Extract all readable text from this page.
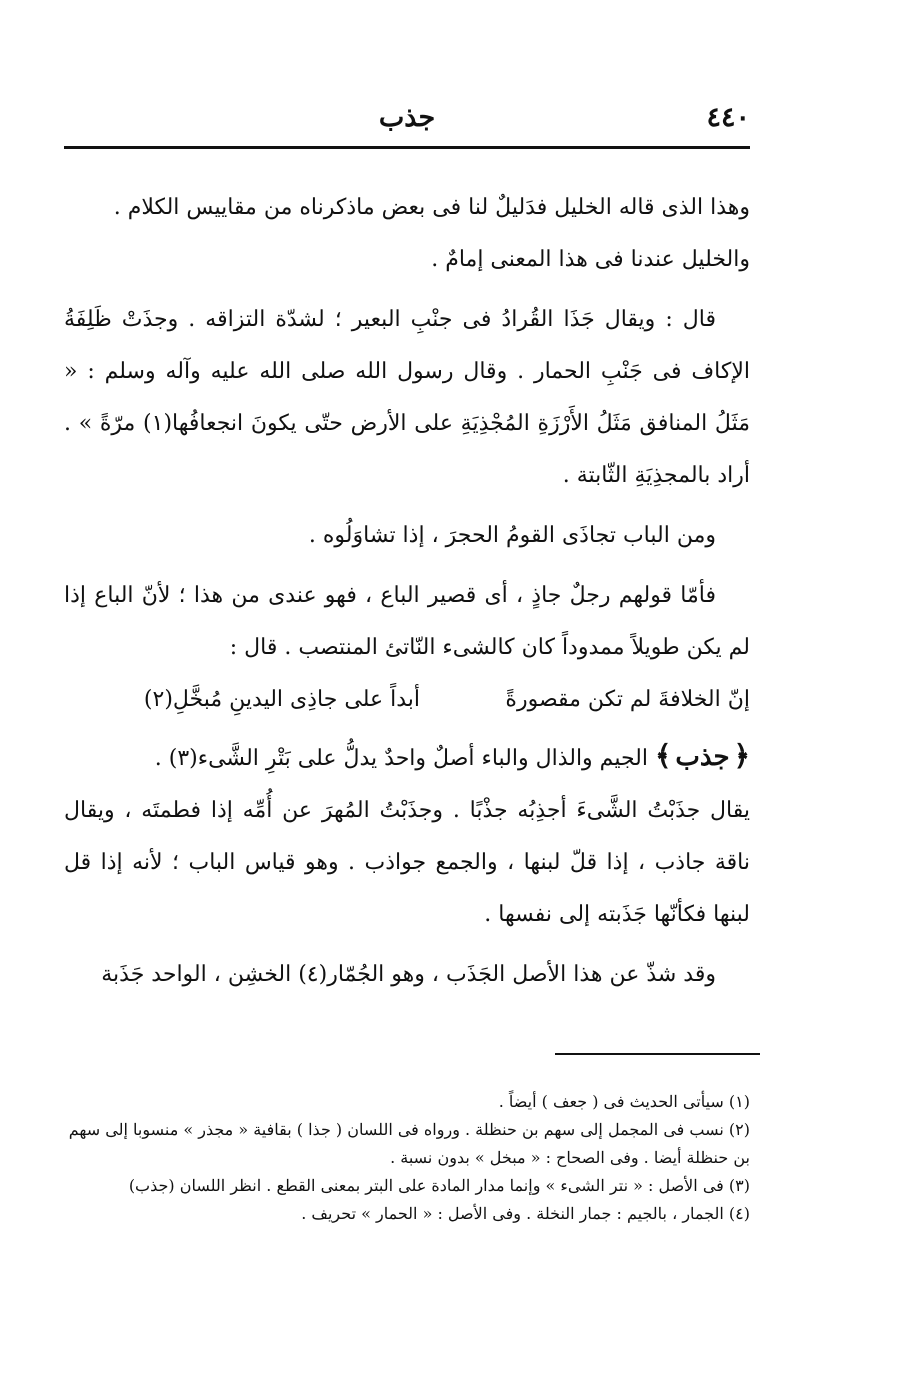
٤٤٠
جذب

وهذا الذى قاله الخليل فدَليلٌ لنا فى بعض ماذكرناه من مقاييس الكلام .

والخليل عندنا فى هذا المعنى إمامٌ .

قال : ويقال جَذَا القُرادُ فى جنْبِ البعير ؛ لشدّة التزاقه . وجذَتْ ظَلِفَةُ الإكاف فى جَنْبِ الحمار . وقال رسول الله صلى الله عليه وآله وسلم : « مَثَلُ المنافق مَثَلُ الأَرْزَةِ المُجْذِيَةِ على الأرض حتّى يكونَ انجعافُها(١) مرّةً » . أراد بالمجذِيَةِ الثّابتة .

ومن الباب تجاذَى القومُ الحجرَ ، إذا تشاوَلُوه .

فأمّا قولهم رجلٌ جاذٍ ، أى قصير الباع ، فهو عندى من هذا ؛ لأنّ الباع إذا لم يكن طويلاً ممدوداً كان كالشىء النّاتئ المنتصب . قال :

إنّ الخلافةَ لم تكن مقصورةً
أبداً على جاذِى اليدينِ مُبخَّلِ(٢)

﴿جذب﴾ الجيم والذال والباء أصلٌ واحدٌ يدلُّ على بَتْرِ الشَّىء(٣) .

يقال جذَبْتُ الشَّىءَ أجذِبُه جذْبًا . وجذَبْتُ المُهرَ عن أُمِّه إذا فطمتَه ، ويقال ناقة جاذب ، إذا قلّ لبنها ، والجمع جواذب . وهو قياس الباب ؛ لأنه إذا قل لبنها فكأنّها جَذَبته إلى نفسها .

وقد شذّ عن هذا الأصل الجَذَب ، وهو الجُمّار(٤) الخشِن ، الواحد جَذَبة

(١) سيأتى الحديث فى ( جعف ) أيضاً .

(٢) نسب فى المجمل إلى سهم بن حنظلة . ورواه فى اللسان ( جذا ) بقافية « مجذر » منسوبا إلى سهم بن حنظلة أيضا . وفى الصحاح : « مبخل » بدون نسبة .

(٣) فى الأصل : « نتر الشىء » وإنما مدار المادة على البتر بمعنى القطع . انظر اللسان (جذب)

(٤) الجمار ، بالجيم : جمار النخلة . وفى الأصل : « الحمار » تحريف .
